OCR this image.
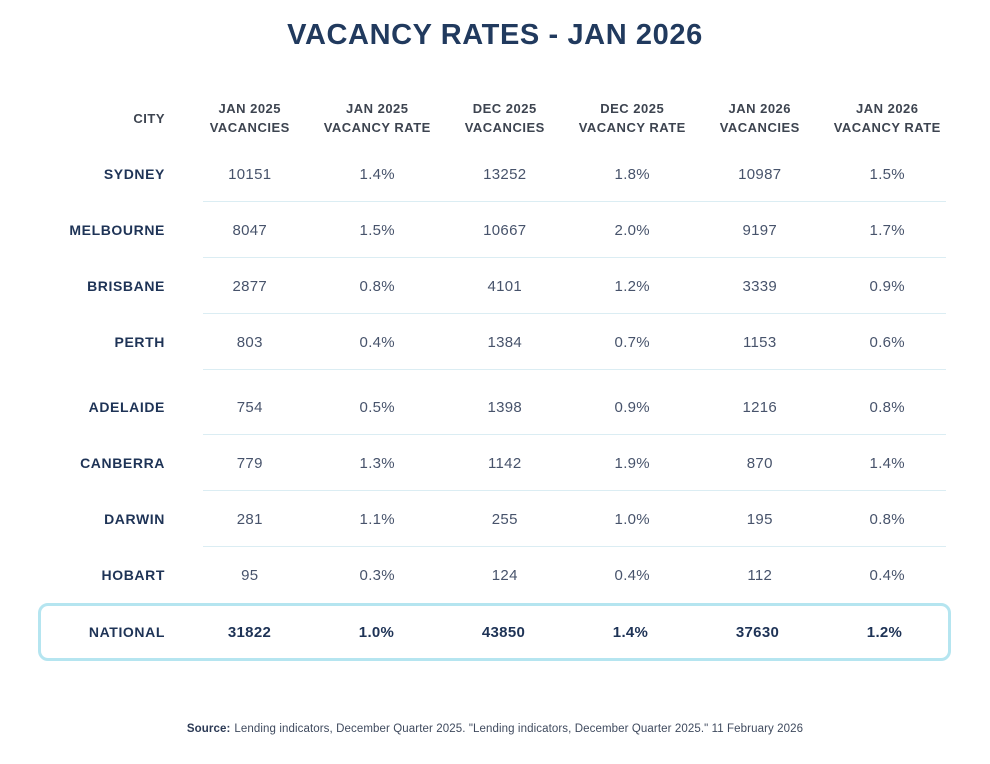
VACANCY RATES - JAN 2026
CITY
JAN 2025
VACANCIES
JAN 2025
VACANCY RATE
DEC 2025
VACANCIES
DEC 2025
VACANCY RATE
JAN 2026
VACANCIES
JAN 2026
VACANCY RATE
SYDNEY	10151	1.4%	13252	1.8%	10987	1.5%
MELBOURNE	8047	1.5%	10667	2.0%	9197	1.7%
BRISBANE	2877	0.8%	4101	1.2%	3339	0.9%
PERTH	803	0.4%	1384	0.7%	1153	0.6%
ADELAIDE	754	0.5%	1398	0.9%	1216	0.8%
CANBERRA	779	1.3%	1142	1.9%	870	1.4%
DARWIN	281	1.1%	255	1.0%	195	0.8%
HOBART	95	0.3%	124	0.4%	112	0.4%
NATIONAL	31822	1.0%	43850	1.4%	37630	1.2%
Source: Lending indicators, December Quarter 2025. "Lending indicators, December Quarter 2025." 11 February 2026
